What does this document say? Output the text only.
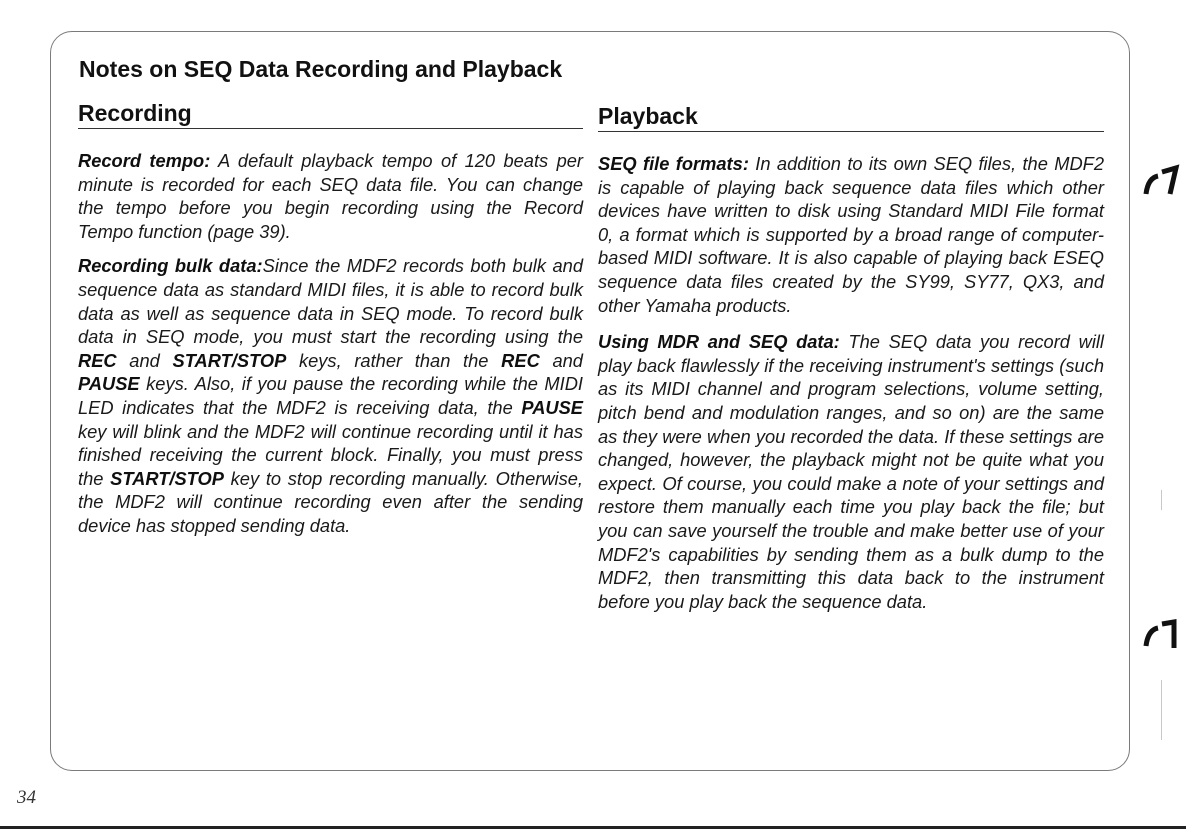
Notes on SEQ Data Recording and Playback
Recording

Record tempo: A default playback tempo of 120 beats per minute is recorded for each SEQ data file. You can change the tempo before you begin recording using the Record Tempo function (page 39).

Recording bulk data:Since the MDF2 records both bulk and sequence data as standard MIDI files, it is able to record bulk data as well as sequence data in SEQ mode. To record bulk data in SEQ mode, you must start the recording using the REC and START/STOP keys, rather than the REC and PAUSE keys. Also, if you pause the recording while the MIDI LED indicates that the MDF2 is receiving data, the PAUSE key will blink and the MDF2 will continue recording until it has finished receiving the current block. Finally, you must press the START/STOP key to stop recording manually. Otherwise, the MDF2 will continue recording even after the sending device has stopped sending data.

Playback

SEQ file formats: In addition to its own SEQ files, the MDF2 is capable of playing back sequence data files which other devices have written to disk using Standard MIDI File format 0, a format which is supported by a broad range of computer-based MIDI software. It is also capable of playing back ESEQ sequence data files created by the SY99, SY77, QX3, and other Yamaha products.

Using MDR and SEQ data: The SEQ data you record will play back flawlessly if the receiving instrument's settings (such as its MIDI channel and program selections, volume setting, pitch bend and modulation ranges, and so on) are the same as they were when you recorded the data. If these settings are changed, however, the playback might not be quite what you expect. Of course, you could make a note of your settings and restore them manually each time you play back the file; but you can save yourself the trouble and make better use of your MDF2's capabilities by sending them as a bulk dump to the MDF2, then transmitting this data back to the instrument before you play back the sequence data.

34
